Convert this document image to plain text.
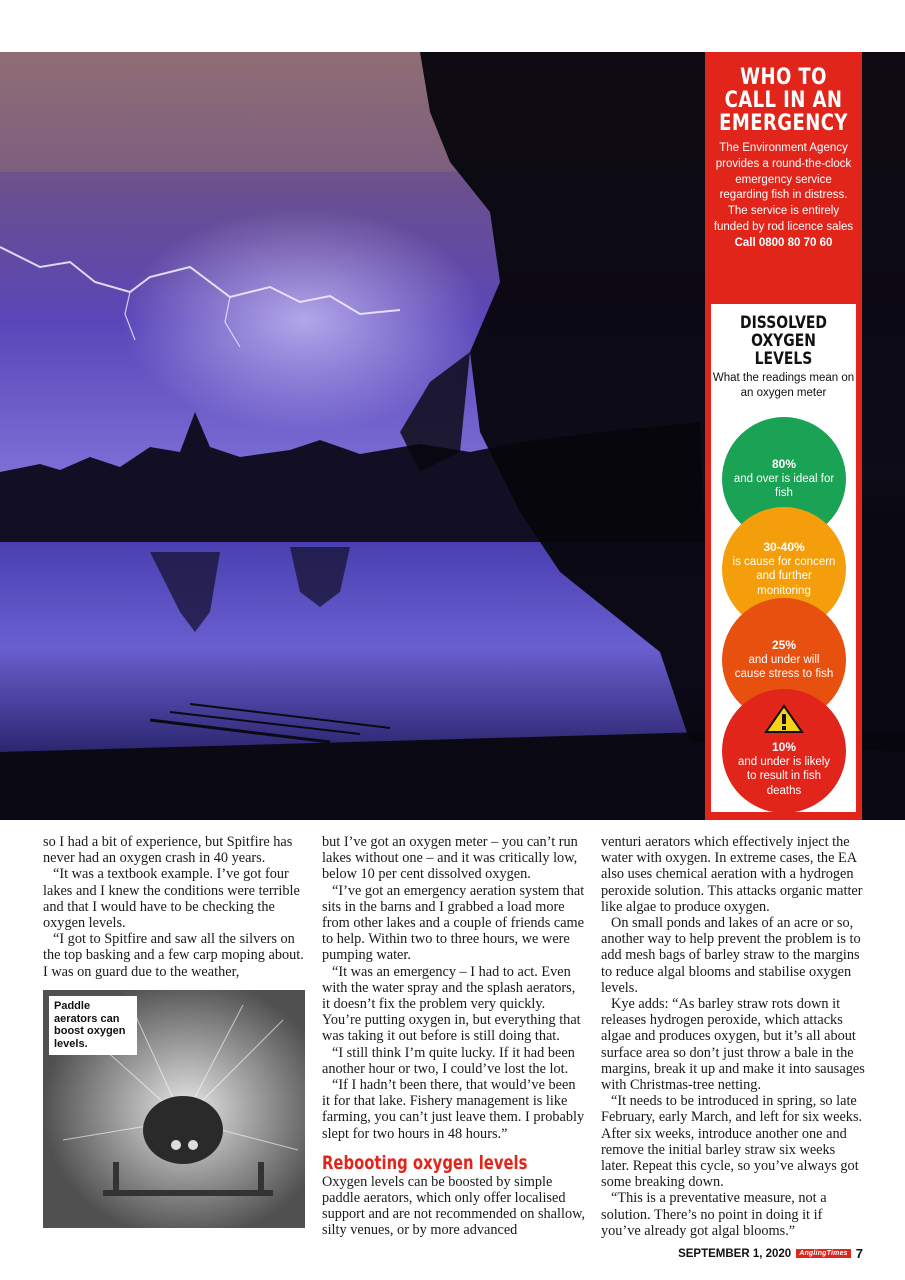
WHO TO
CALL IN AN
EMERGENCY

The Environment Agency provides a round-the-clock emergency service regarding fish in distress. The service is entirely funded by rod licence sales

Call 0800 80 70 60

DISSOLVED
OXYGEN LEVELS
What the readings mean on an oxygen meter
80%
and over is ideal for fish
30-40%
is cause for concern and further monitoring
25%
and under will cause stress to fish
10%
and under is likely to result in fish deaths

so I had a bit of experience, but Spitfire has never had an oxygen crash in 40 years.

“It was a textbook example. I’ve got four lakes and I knew the conditions were terrible and that I would have to be checking the oxygen levels.

“I got to Spitfire and saw all the silvers on the top basking and a few carp moping about. I was on guard due to the weather,

Paddle aerators can boost oxygen levels.

but I’ve got an oxygen meter – you can’t run lakes without one – and it was critically low, below 10 per cent dissolved oxygen.

“I’ve got an emergency aeration system that sits in the barns and I grabbed a load more from other lakes and a couple of friends came to help. Within two to three hours, we were pumping water.

“It was an emergency – I had to act. Even with the water spray and the splash aerators, it doesn’t fix the problem very quickly. You’re putting oxygen in, but everything that was taking it out before is still doing that.

“I still think I’m quite lucky. If it had been another hour or two, I could’ve lost the lot.

“If I hadn’t been there, that would’ve been it for that lake. Fishery management is like farming, you can’t just leave them. I probably slept for two hours in 48 hours.”

Rebooting oxygen levels

Oxygen levels can be boosted by simple paddle aerators, which only offer localised support and are not recommended on shallow, silty venues, or by more advanced

venturi aerators which effectively inject the water with oxygen. In extreme cases, the EA also uses chemical aeration with a hydrogen peroxide solution. This attacks organic matter like algae to produce oxygen.

On small ponds and lakes of an acre or so, another way to help prevent the problem is to add mesh bags of barley straw to the margins to reduce algal blooms and stabilise oxygen levels.

Kye adds: “As barley straw rots down it releases hydrogen peroxide, which attacks algae and produces oxygen, but it’s all about surface area so don’t just throw a bale in the margins, break it up and make it into sausages with Christmas-tree netting.

“It needs to be introduced in spring, so late February, early March, and left for six weeks. After six weeks, introduce another one and remove the initial barley straw six weeks later. Repeat this cycle, so you’ve always got some breaking down.

“This is a preventative measure, not a solution. There’s no point in doing it if you’ve already got algal blooms.”

SEPTEMBER 1, 2020	AnglingTimes 7
